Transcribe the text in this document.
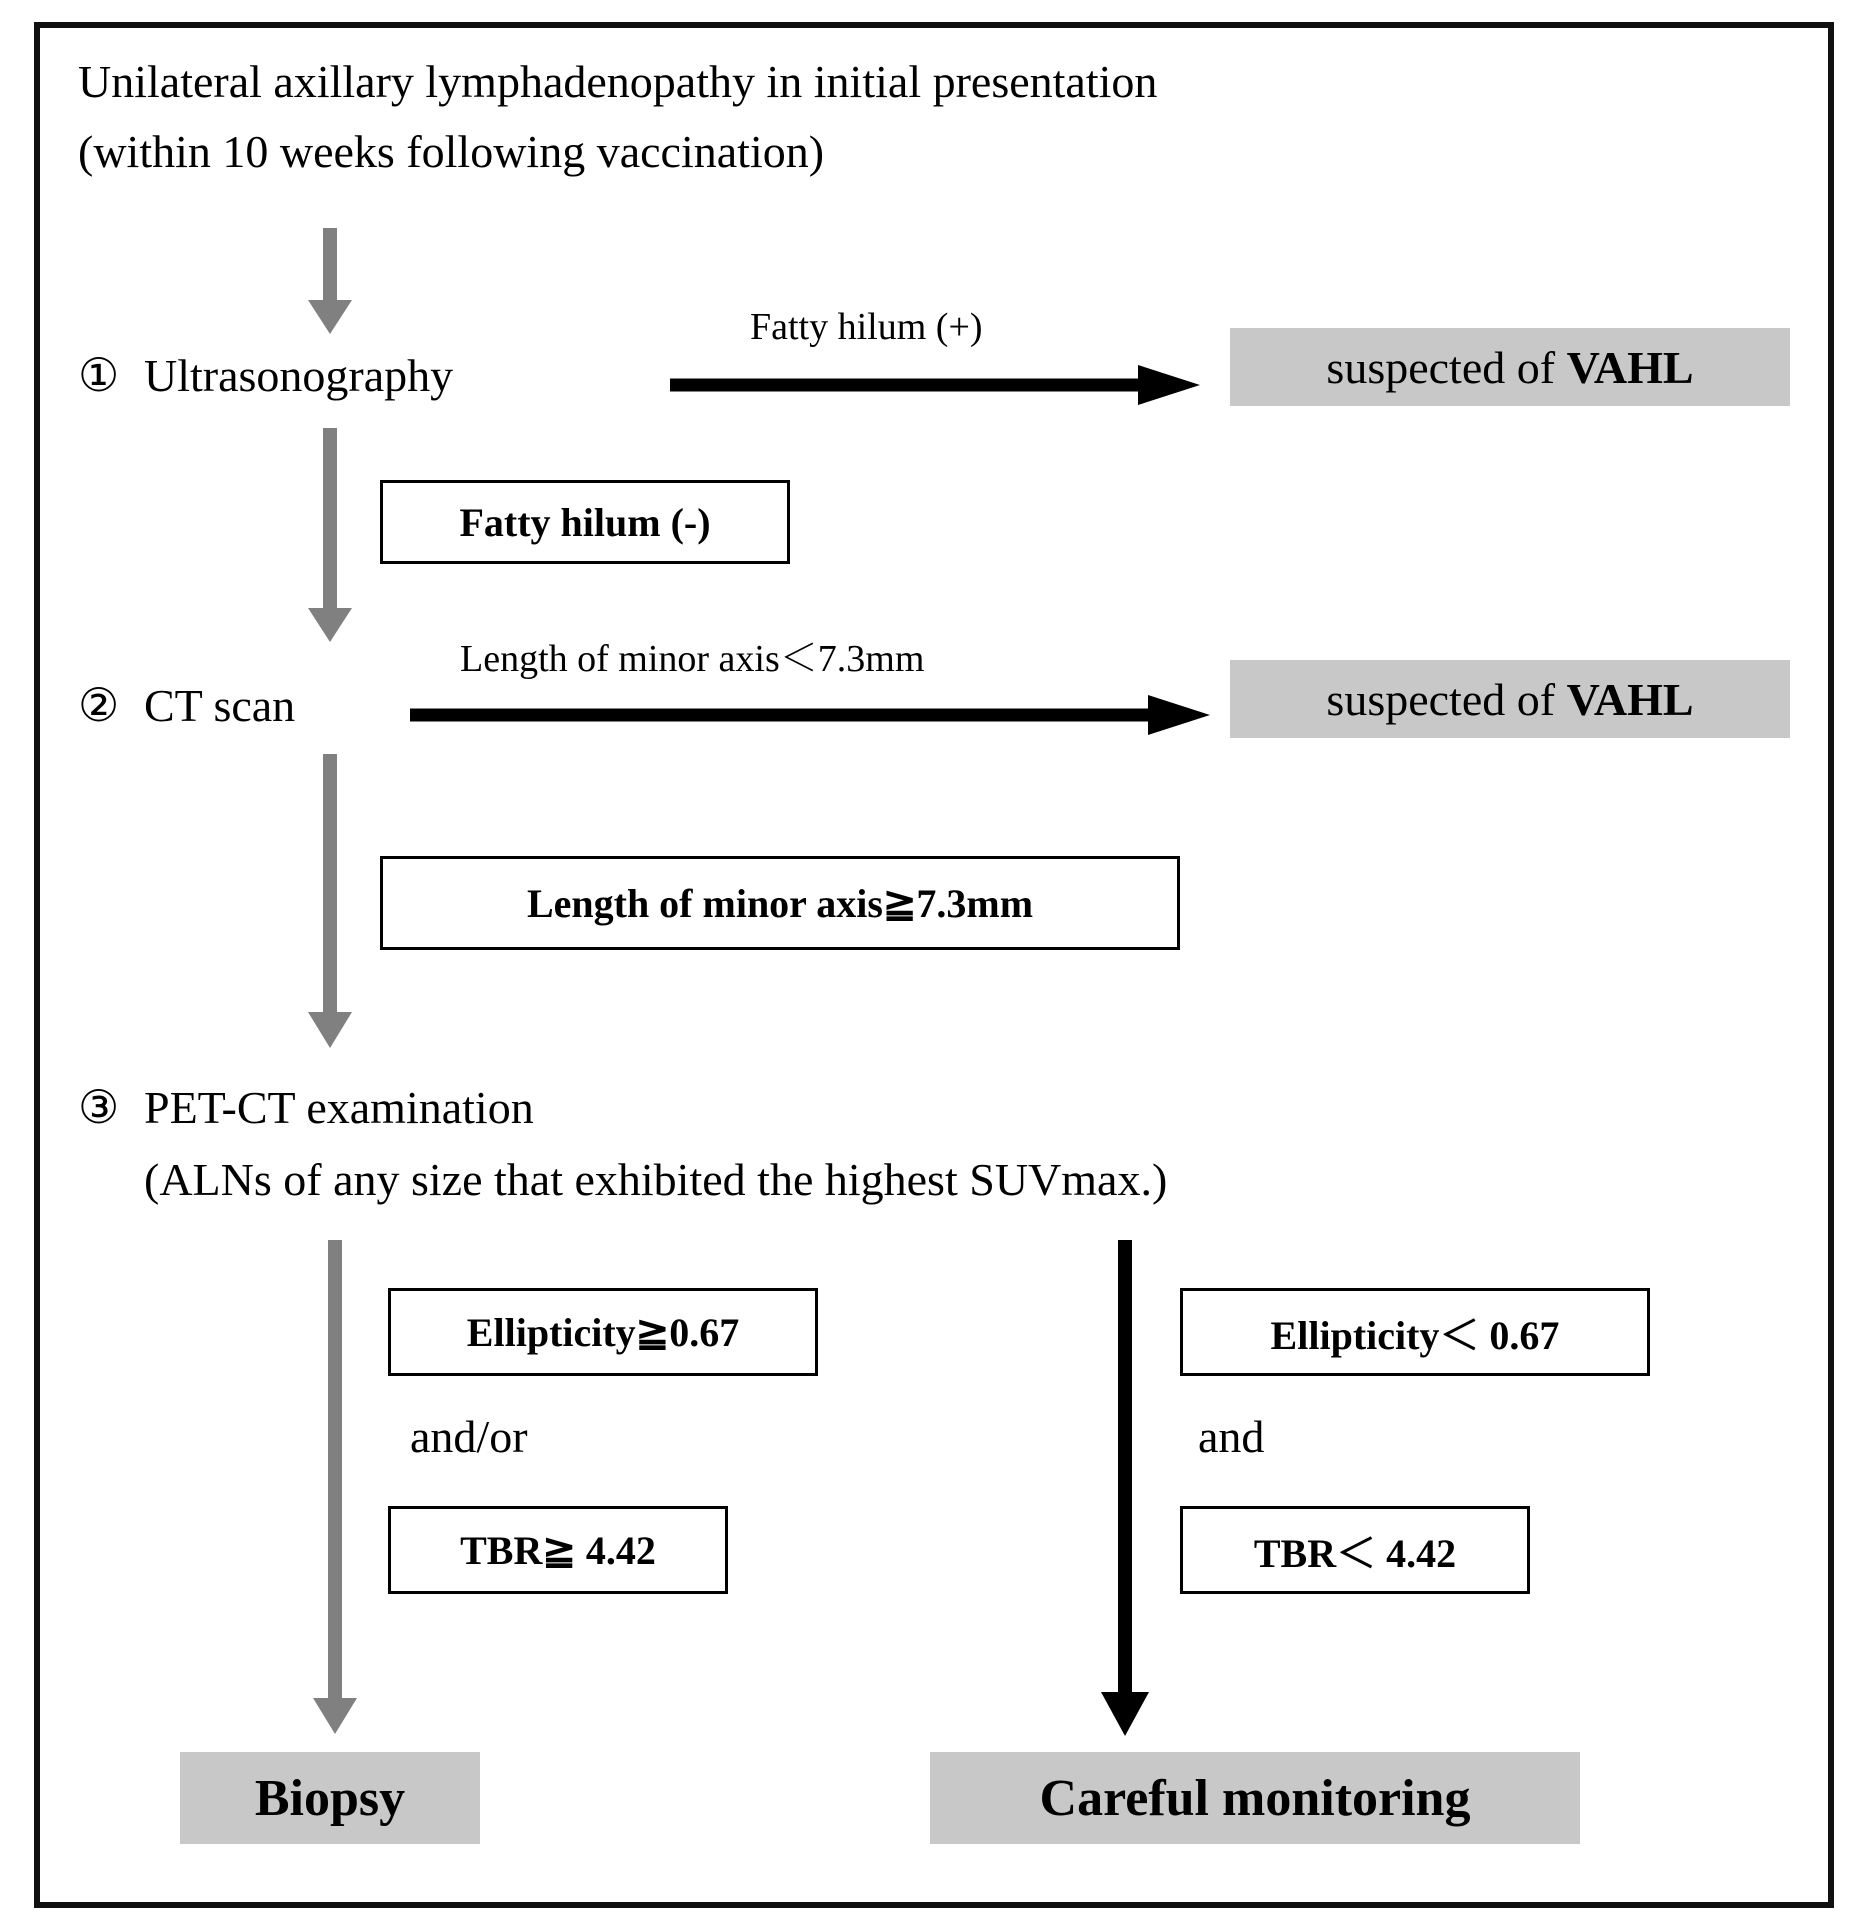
Unilateral axillary lymphadenopathy in initial presentation
(within 10 weeks following vaccination)
① Ultrasonography
Fatty hilum (+)
suspected of VAHL
Fatty hilum (-)
② CT scan
Length of minor axis＜7.3mm
suspected of VAHL
Length of minor axis≧7.3mm
③ PET-CT examination
(ALNs of any size that exhibited the highest SUVmax.)
Ellipticity≧0.67
and/or
TBR≧ 4.42
Ellipticity＜ 0.67
and
TBR＜ 4.42
Biopsy	Careful monitoring
